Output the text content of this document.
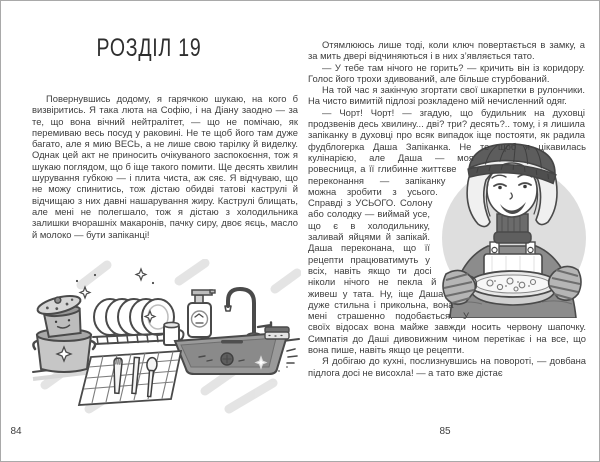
РОЗДІЛ 19

Повернувшись додому, я гарячкою шукаю, на кого б визвіритись. Я така люта на Софію, і на Діану заодно — за те, що вона вічний нейтралітет, — що не помічаю, як перемиваю весь посуд у раковині. Не те щоб його там дуже багато, але я мию ВЕСЬ, а не лише свою тарілку й виделку. Однак цей акт не приносить очікуваного заспокоєння, тож я шукаю поглядом, що б іще такого помити. Ще десять хвилин шурування губкою — і плита чиста, аж сяє. Я відчуваю, що не можу спинитись, тож дістаю обидві татові каструлі й відчищаю з них давні нашарування жиру. Каструлі блищать, але мені не полегшало, тож я дістаю з холодильника залишки вчорашніх макаронів, пачку сиру, двоє яєць, масло й молоко — бути запіканці!

84

Отямлююсь лише тоді, коли ключ повертається в замку, а за мить двері відчиняються і в них з’являється тато.

— У тебе там нічого не горить? — кричить він із коридору. Голос його трохи здивований, але більше стурбований.

На той час я закінчую згортати свої шкарпетки в рулончики. На чисто вимитій підлозі розкладено мій нечисленний одяг.

— Чорт! Чорт! — згадую, що будильник на духовці продзвенів десь хвилину... дві? три? десять?.. тому, і я лишила запіканку в духовці про всяк випадок іще постояти, як радила фудблогерка Даша Запіканка. Не те щоб я цікавилась кулінарією, але Даша — моя ровесниця, а її глибинне життєве переконання — запіканку можна зробити з усього. Справді з УСЬОГО. Солону або солодку — виймай усе, що є в холодильнику, заливай яйцями й запікай. Даша переконана, що її рецепти працюватимуть у всіх, навіть якщо ти досі ніколи нічого не пекла й живеш у тата. Ну, іще Даша дуже стильна і прикольна, вона мені страшенно подобається. У своїх відосах вона майже завжди носить червону шапочку. Симпатія до Даші дивовижним чином перетікає і на все, що вона пише, навіть якщо це рецепти.

Я добігаю до кухні, послизнувшись на повороті, — довбана підлога досі не висохла! — а тато вже дістає

85
